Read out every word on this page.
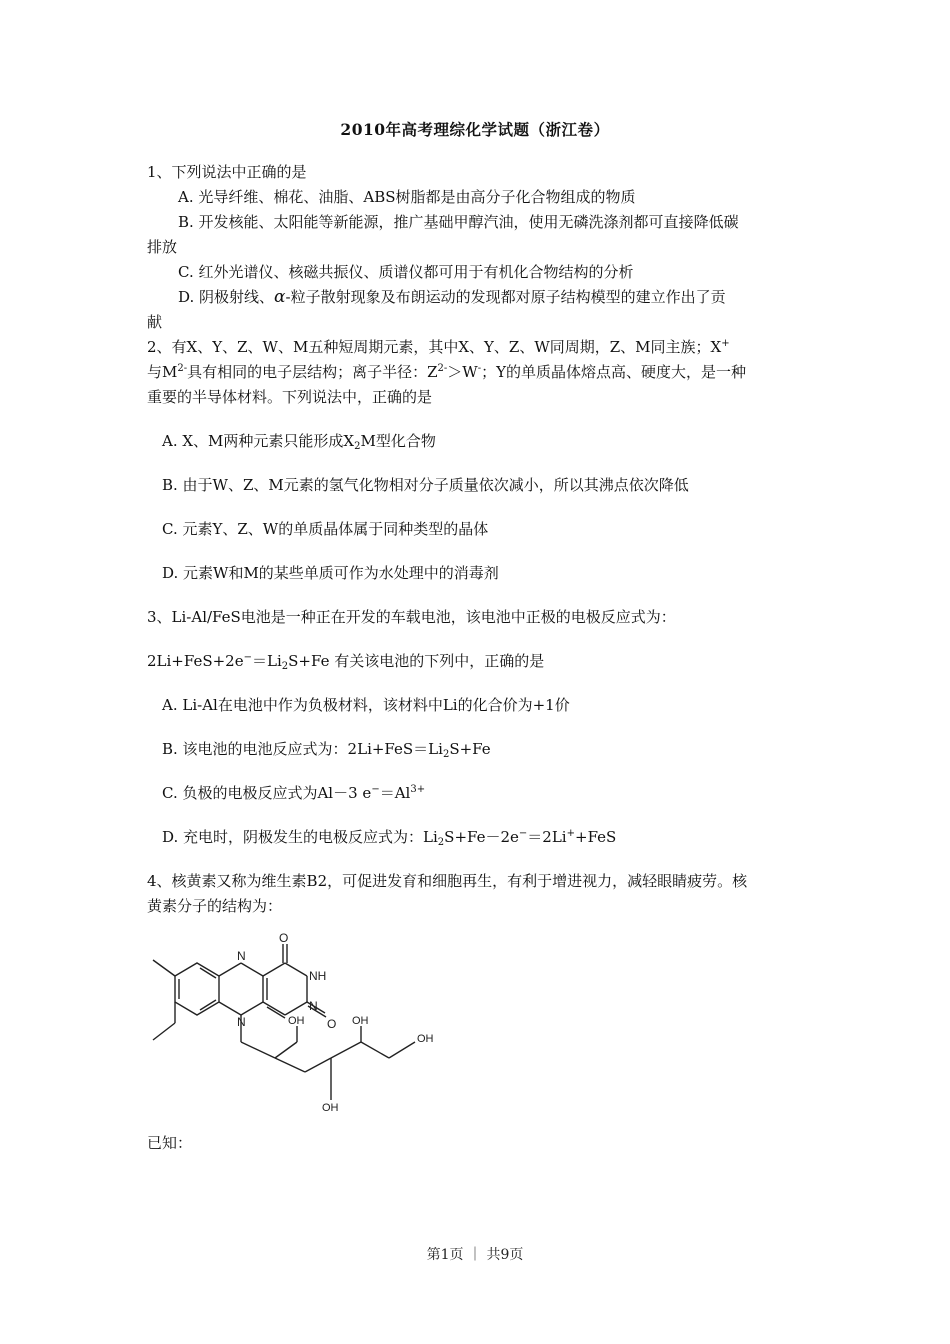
2010年高考理综化学试题（浙江卷）
1、下列说法中正确的是
A. 光导纤维、棉花、油脂、ABS树脂都是由高分子化合物组成的物质
B. 开发核能、太阳能等新能源，推广基础甲醇汽油，使用无磷洗涤剂都可直接降低碳
排放
C. 红外光谱仪、核磁共振仪、质谱仪都可用于有机化合物结构的分析
D. 阴极射线、α-粒子散射现象及布朗运动的发现都对原子结构模型的建立作出了贡
献
2、有X、Y、Z、W、M五种短周期元素，其中X、Y、Z、W同周期，Z、M同主族；X+
与$M^{2-}$具有相同的电子层结构；离子半径：$Z^{2-}>W^-$；Y的单质晶体熔点高、硬度大，是一种
重要的半导体材料。下列说法中，正确的是
A. X、M两种元素只能形成$X_2M$型化合物
B. 由于W、Z、M元素的氢气化物相对分子质量依次减小，所以其沸点依次降低
C. 元素Y、Z、W的单质晶体属于同种类型的晶体
D. 元素W和M的某些单质可作为水处理中的消毒剂
3、Li-Al/FeS电池是一种正在开发的车载电池，该电池中正极的电极反应式为：
$2Li+FeS+2e^-=Li_2S+Fe$ 有关该电池的下列中，正确的是
A. Li-Al在电池中作为负极材料，该材料中Li的化合价为+1价
B. 该电池的电池反应式为：$2Li+FeS=Li_2S+Fe$
C. 负极的电极反应式为Al－3 $e^-=Al^{3+}$
D. 充电时，阴极发生的电极反应式为：$Li_2S+Fe-2e^-=2Li^++FeS$
4、核黄素又称为维生素B2，可促进发育和细胞再生，有利于增进视力，减轻眼睛疲劳。核
黄素分子的结构为：
O
N
NH
N
N	O
OH	OH
OH
OH
已知：
第1页 ｜ 共9页
